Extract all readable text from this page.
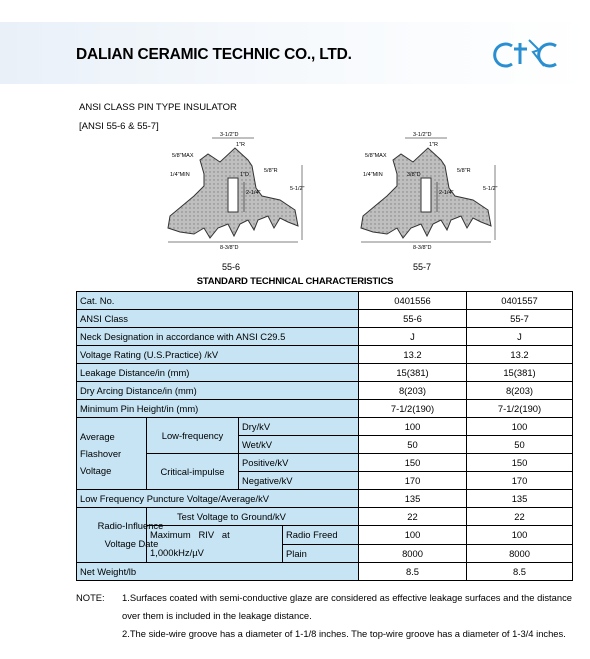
DALIAN CERAMIC TECHNIC CO., LTD.
ANSI CLASS PIN TYPE INSULATOR
[ANSI 55-6 & 55-7]
3-1/2"D
1"R
5/8"MAX
5/8"R
1/4"MIN	1"D
2-1/4"
5-1/2"
8-3/8"D
55-6
3-1/2"D
1"R
5/8"MAX
5/8"R
1/4"MIN	3/8"D
2-1/4"
5-1/2"
8-3/8"D
55-7
STANDARD TECHNICAL CHARACTERISTICS
Cat. No.				0401556	0401557
ANSI Class				55-6	55-7
Neck Designation in accordance with ANSI C29.5				J	J
Voltage Rating (U.S.Practice) /kV				13.2	13.2
Leakage Distance/in (mm)				15(381)	15(381)
Dry Arcing Distance/in (mm)				8(203)	8(203)
Minimum Pin Height/in (mm)				7-1/2(190)	7-1/2(190)

Average
Flashover
Voltage	Low-frequency	Dry/kV		100	100
		Wet/kV		50	50
	Critical-impulse	Positive/kV		150	150
		Negative/kV		170	170
Low Frequency Puncture Voltage/Average/kV				135	135

Radio-Influence
Voltage Date	Test Voltage to Ground/kV			22	22

	Maximum   RIV   at
1,000kHz/µV		Radio Freed	100	100
			Plain	8000	8000
Net Weight/lb				8.5	8.5
NOTE: 1.Surfaces coated with semi-conductive glaze are considered as effective leakage surfaces and the distance over them is included in the leakage distance.
2.The side-wire groove has a diameter of 1-1/8 inches. The top-wire groove has a diameter of 1-3/4 inches.
